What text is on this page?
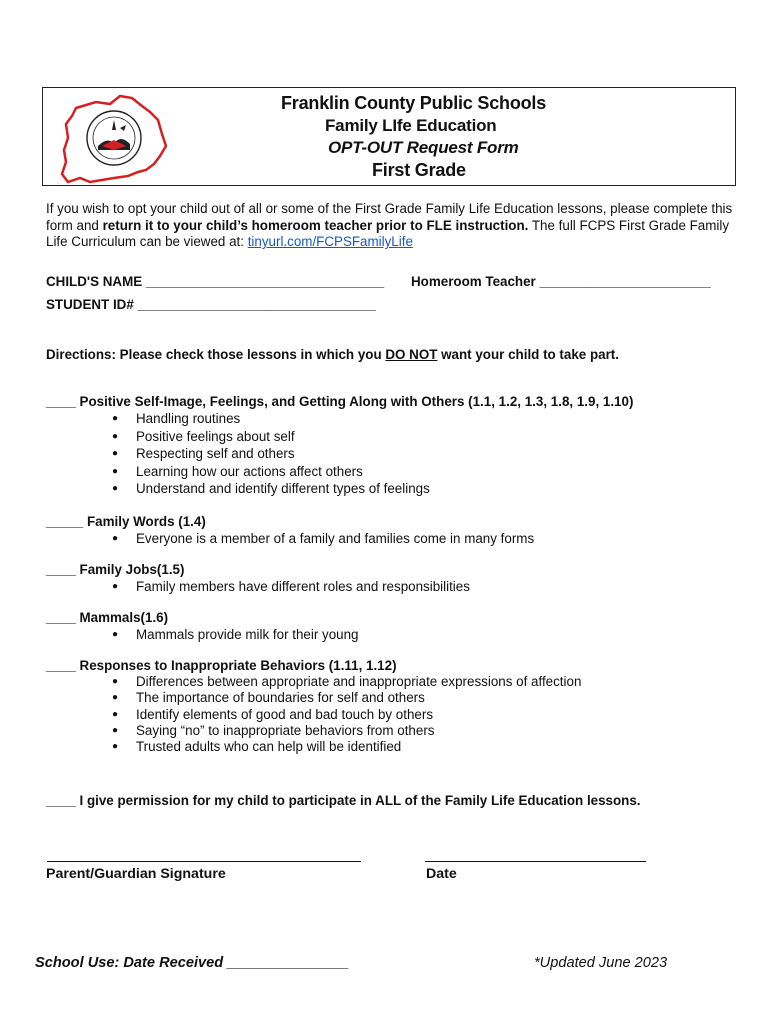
Franklin County Public Schools
Family LIfe Education
OPT-OUT Request Form
First Grade
If you wish to opt your child out of all or some of the First Grade Family Life Education lessons, please complete this form and return it to your child’s homeroom teacher prior to FLE instruction. The full FCPS First Grade Family Life Curriculum can be viewed at: tinyurl.com/FCPSFamilyLife
CHILD'S NAME ________________________________ Homeroom Teacher _______________________
STUDENT ID# ________________________________
Directions: Please check those lessons in which you DO NOT want your child to take part.
____ Positive Self-Image, Feelings, and Getting Along with Others (1.1, 1.2, 1.3, 1.8, 1.9, 1.10)
● Handling routines
● Positive feelings about self
● Respecting self and others
● Learning how our actions affect others
● Understand and identify different types of feelings
_____ Family Words (1.4)
● Everyone is a member of a family and families come in many forms
____ Family Jobs(1.5)
● Family members have different roles and responsibilities
____ Mammals(1.6)
● Mammals provide milk for their young
____ Responses to Inappropriate Behaviors (1.11, 1.12)
● Differences between appropriate and inappropriate expressions of affection
● The importance of boundaries for self and others
● Identify elements of good and bad touch by others
● Saying “no” to inappropriate behaviors from others
● Trusted adults who can help will be identified
____ I give permission for my child to participate in ALL of the Family Life Education lessons.
Parent/Guardian Signature	Date
School Use: Date Received _______________	*Updated June 2023
